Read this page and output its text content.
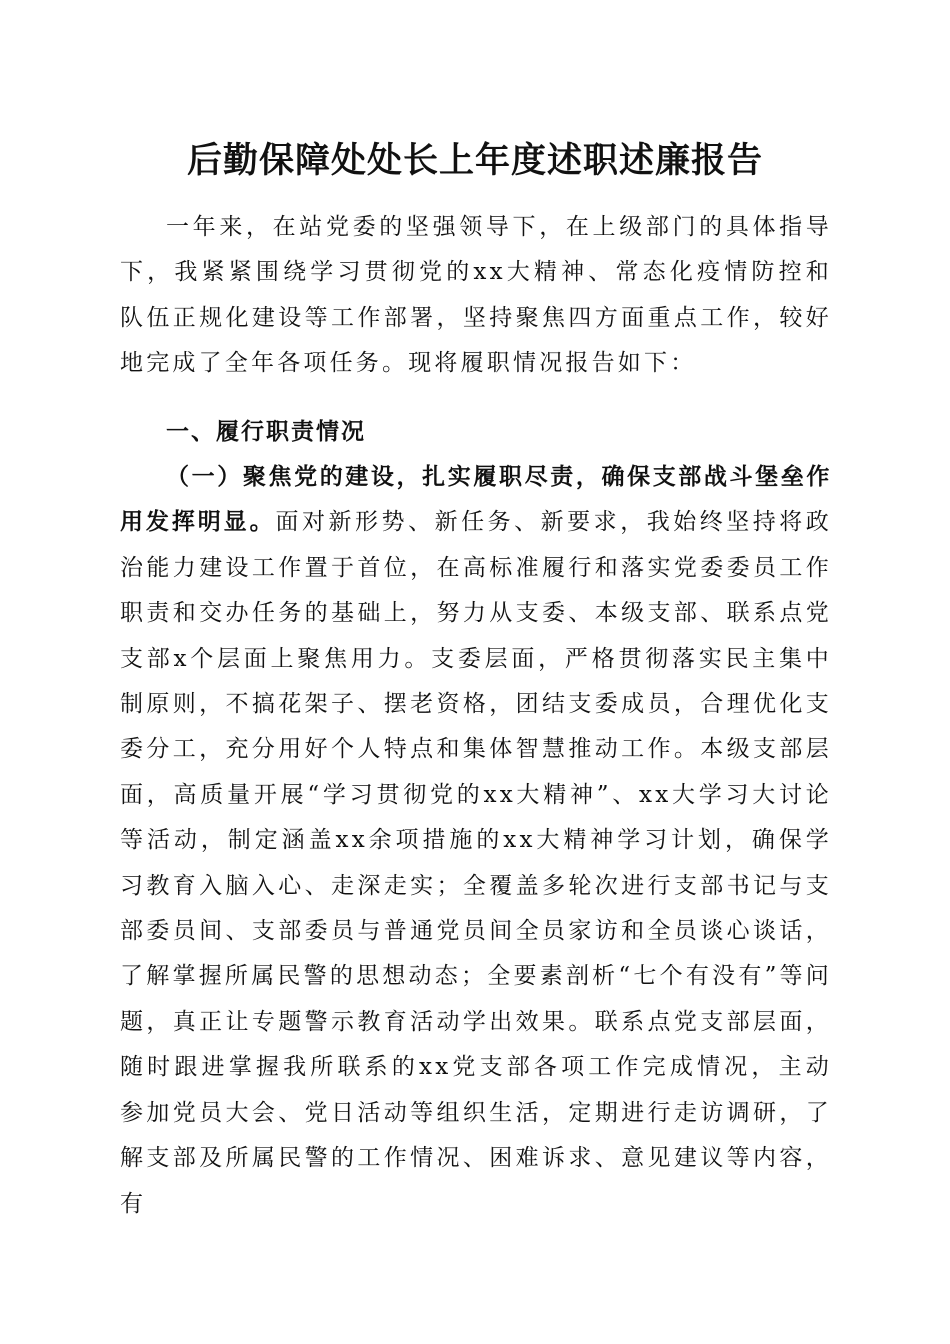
后勤保障处处长上年度述职述廉报告
一年来，在站党委的坚强领导下，在上级部门的具体指导下，我紧紧围绕学习贯彻党的xx大精神、常态化疫情防控和队伍正规化建设等工作部署，坚持聚焦四方面重点工作，较好地完成了全年各项任务。现将履职情况报告如下：
一、履行职责情况
（一）聚焦党的建设，扎实履职尽责，确保支部战斗堡垒作用发挥明显。面对新形势、新任务、新要求，我始终坚持将政治能力建设工作置于首位，在高标准履行和落实党委委员工作职责和交办任务的基础上，努力从支委、本级支部、联系点党支部x个层面上聚焦用力。支委层面，严格贯彻落实民主集中制原则，不搞花架子、摆老资格，团结支委成员，合理优化支委分工，充分用好个人特点和集体智慧推动工作。本级支部层面，高质量开展“学习贯彻党的xx大精神”、xx大学习大讨论等活动，制定涵盖xx余项措施的xx大精神学习计划，确保学习教育入脑入心、走深走实；全覆盖多轮次进行支部书记与支部委员间、支部委员与普通党员间全员家访和全员谈心谈话，了解掌握所属民警的思想动态；全要素剖析“七个有没有”等问题，真正让专题警示教育活动学出效果。联系点党支部层面，随时跟进掌握我所联系的xx党支部各项工作完成情况，主动参加党员大会、党日活动等组织生活，定期进行走访调研，了解支部及所属民警的工作情况、困难诉求、意见建议等内容，有
